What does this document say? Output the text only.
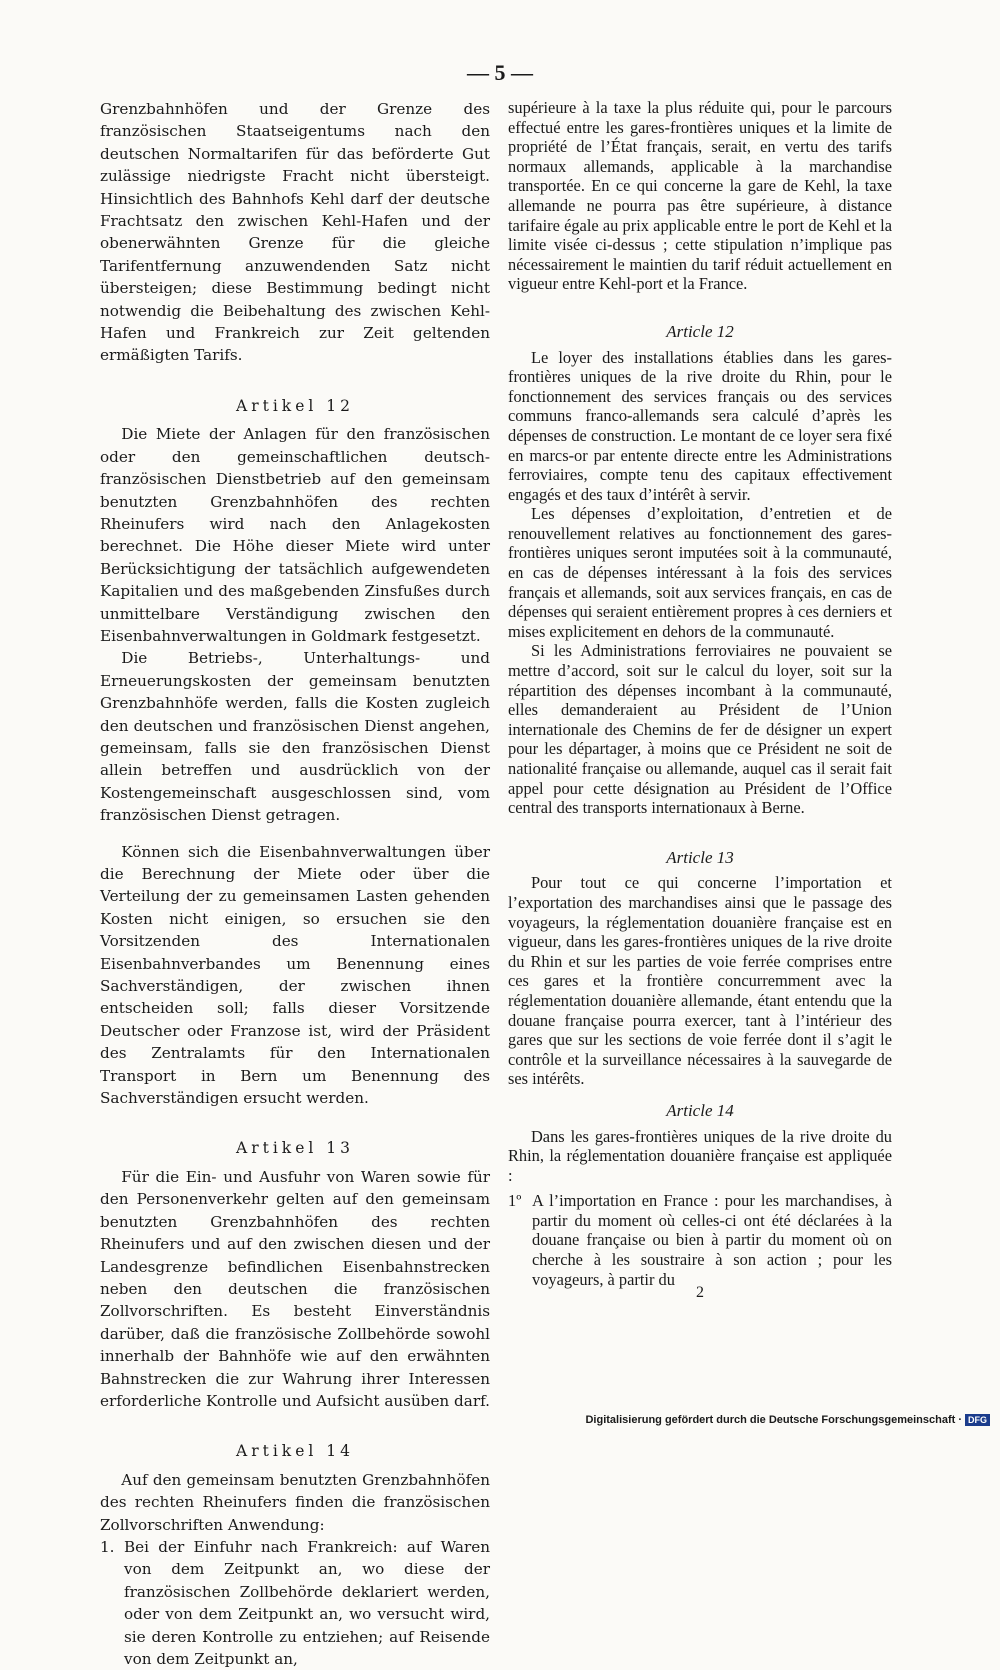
— 5 —

Grenzbahnhöfen und der Grenze des französischen Staatseigentums nach den deutschen Normaltarifen für das beförderte Gut zulässige niedrigste Fracht nicht übersteigt. Hinsichtlich des Bahnhofs Kehl darf der deutsche Frachtsatz den zwischen Kehl-Hafen und der obenerwähnten Grenze für die gleiche Tarifentfernung anzuwendenden Satz nicht übersteigen; diese Bestimmung bedingt nicht notwendig die Beibehaltung des zwischen Kehl-Hafen und Frankreich zur Zeit geltenden ermäßigten Tarifs.

Artikel 12

Die Miete der Anlagen für den französischen oder den gemeinschaftlichen deutsch-französischen Dienstbetrieb auf den gemeinsam benutzten Grenzbahnhöfen des rechten Rheinufers wird nach den Anlagekosten berechnet. Die Höhe dieser Miete wird unter Berücksichtigung der tatsächlich aufgewendeten Kapitalien und des maßgebenden Zinsfußes durch unmittelbare Verständigung zwischen den Eisenbahnverwaltungen in Goldmark festgesetzt.

Die Betriebs-, Unterhaltungs- und Erneuerungskosten der gemeinsam benutzten Grenzbahnhöfe werden, falls die Kosten zugleich den deutschen und französischen Dienst angehen, gemeinsam, falls sie den französischen Dienst allein betreffen und ausdrücklich von der Kostengemeinschaft ausgeschlossen sind, vom französischen Dienst getragen.

Können sich die Eisenbahnverwaltungen über die Berechnung der Miete oder über die Verteilung der zu gemeinsamen Lasten gehenden Kosten nicht einigen, so ersuchen sie den Vorsitzenden des Internationalen Eisenbahnverbandes um Benennung eines Sachverständigen, der zwischen ihnen entscheiden soll; falls dieser Vorsitzende Deutscher oder Franzose ist, wird der Präsident des Zentralamts für den Internationalen Transport in Bern um Benennung des Sachverständigen ersucht werden.

Artikel 13

Für die Ein- und Ausfuhr von Waren sowie für den Personenverkehr gelten auf den gemeinsam benutzten Grenzbahnhöfen des rechten Rheinufers und auf den zwischen diesen und der Landesgrenze befindlichen Eisenbahnstrecken neben den deutschen die französischen Zollvorschriften. Es besteht Einverständnis darüber, daß die französische Zollbehörde sowohl innerhalb der Bahnhöfe wie auf den erwähnten Bahnstrecken die zur Wahrung ihrer Interessen erforderliche Kontrolle und Aufsicht ausüben darf.

Artikel 14

Auf den gemeinsam benutzten Grenzbahnhöfen des rechten Rheinufers finden die französischen Zollvorschriften Anwendung:

1. Bei der Einfuhr nach Frankreich: auf Waren von dem Zeitpunkt an, wo diese der französischen Zollbehörde deklariert werden, oder von dem Zeitpunkt an, wo versucht wird, sie deren Kontrolle zu entziehen; auf Reisende von dem Zeitpunkt an,

supérieure à la taxe la plus réduite qui, pour le parcours effectué entre les gares-frontières uniques et la limite de propriété de l’État français, serait, en vertu des tarifs normaux allemands, applicable à la marchandise transportée. En ce qui concerne la gare de Kehl, la taxe allemande ne pourra pas être supérieure, à distance tarifaire égale au prix applicable entre le port de Kehl et la limite visée ci-dessus ; cette stipulation n’implique pas nécessairement le maintien du tarif réduit actuellement en vigueur entre Kehl-port et la France.

Article 12

Le loyer des installations établies dans les gares-frontières uniques de la rive droite du Rhin, pour le fonctionnement des services français ou des services communs franco-allemands sera calculé d’après les dépenses de construction. Le montant de ce loyer sera fixé en marcs-or par entente directe entre les Administrations ferroviaires, compte tenu des capitaux effectivement engagés et des taux d’intérêt à servir.

Les dépenses d’exploitation, d’entretien et de renouvellement relatives au fonctionnement des gares-frontières uniques seront imputées soit à la communauté, en cas de dépenses intéressant à la fois des services français et allemands, soit aux services français, en cas de dépenses qui seraient entièrement propres à ces derniers et mises explicitement en dehors de la communauté.

Si les Administrations ferroviaires ne pouvaient se mettre d’accord, soit sur le calcul du loyer, soit sur la répartition des dépenses incombant à la communauté, elles demanderaient au Président de l’Union internationale des Chemins de fer de désigner un expert pour les départager, à moins que ce Président ne soit de nationalité française ou allemande, auquel cas il serait fait appel pour cette désignation au Président de l’Office central des transports internationaux à Berne.

Article 13

Pour tout ce qui concerne l’importation et l’exportation des marchandises ainsi que le passage des voyageurs, la réglementation douanière française est en vigueur, dans les gares-frontières uniques de la rive droite du Rhin et sur les parties de voie ferrée comprises entre ces gares et la frontière concurremment avec la réglementation douanière allemande, étant entendu que la douane française pourra exercer, tant à l’intérieur des gares que sur les sections de voie ferrée dont il s’agit le contrôle et la surveillance nécessaires à la sauvegarde de ses intérêts.

Article 14

Dans les gares-frontières uniques de la rive droite du Rhin, la réglementation douanière française est appliquée :

1º A l’importation en France : pour les marchandises, à partir du moment où celles-ci ont été déclarées à la douane française ou bien à partir du moment où on cherche à les soustraire à son action ; pour les voyageurs, à partir du
2
Digitalisierung gefördert durch die Deutsche Forschungsgemeinschaft · DFG
